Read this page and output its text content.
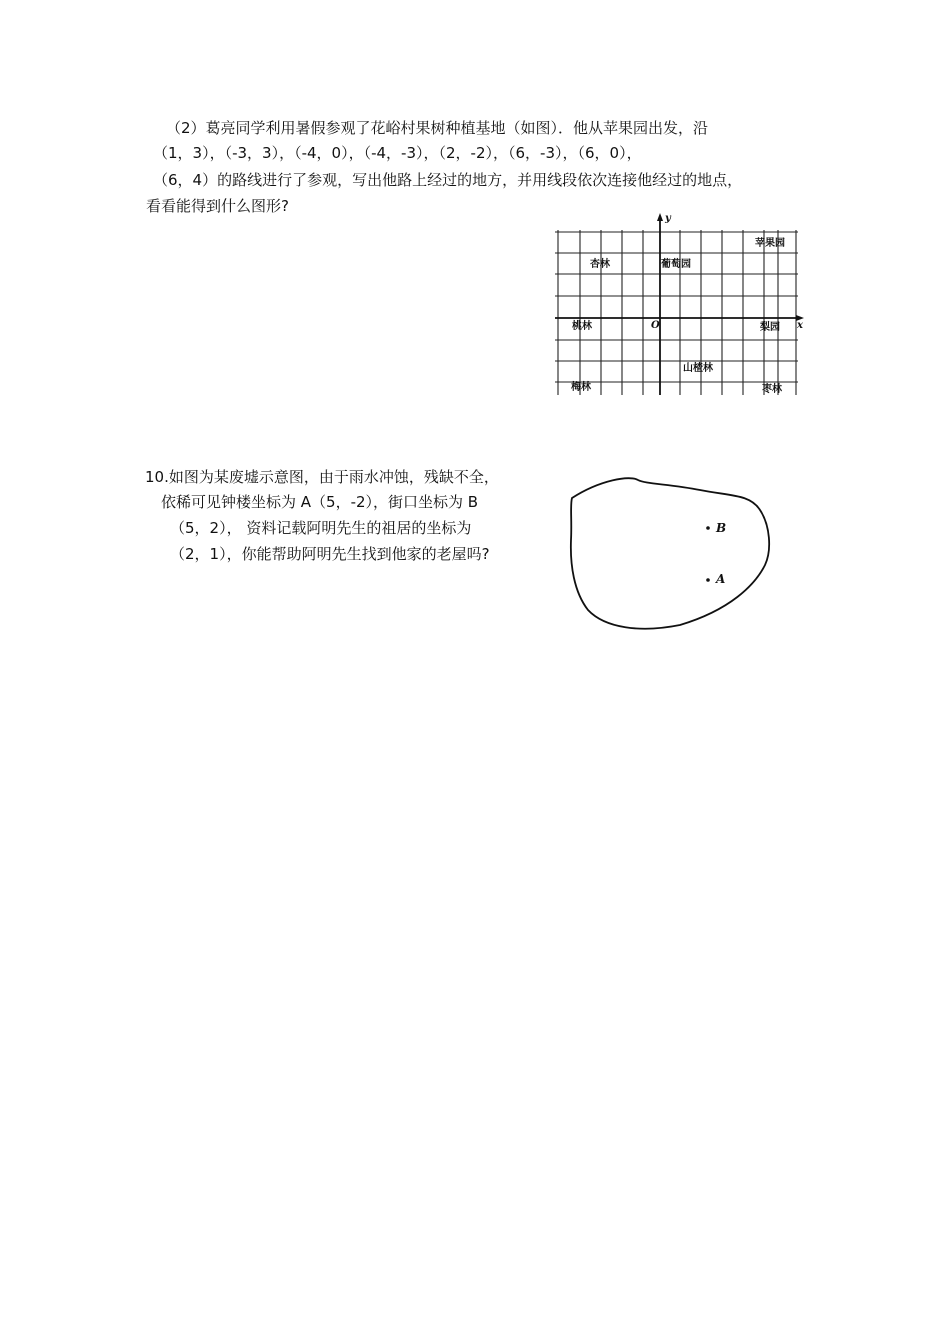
（2）葛亮同学利用暑假参观了花峪村果树种植基地（如图）．他从苹果园出发，沿
（1，3），（-3，3），（-4，0），（-4，-3），（2，-2），（6，-3），（6，0），
（6，4）的路线进行了参观，写出他路上经过的地方，并用线段依次连接他经过的地点，
看看能得到什么图形?
y
x
O
杏林	葡萄园
苹果园
桃林	梨园
山楂林
梅林	枣林
10.如图为某废墟示意图，由于雨水冲蚀，残缺不全，
依稀可见钟楼坐标为 A（5，-2），街口坐标为 B
（5，2）， 资料记载阿明先生的祖居的坐标为
（2，1），你能帮助阿明先生找到他家的老屋吗?
B
A
